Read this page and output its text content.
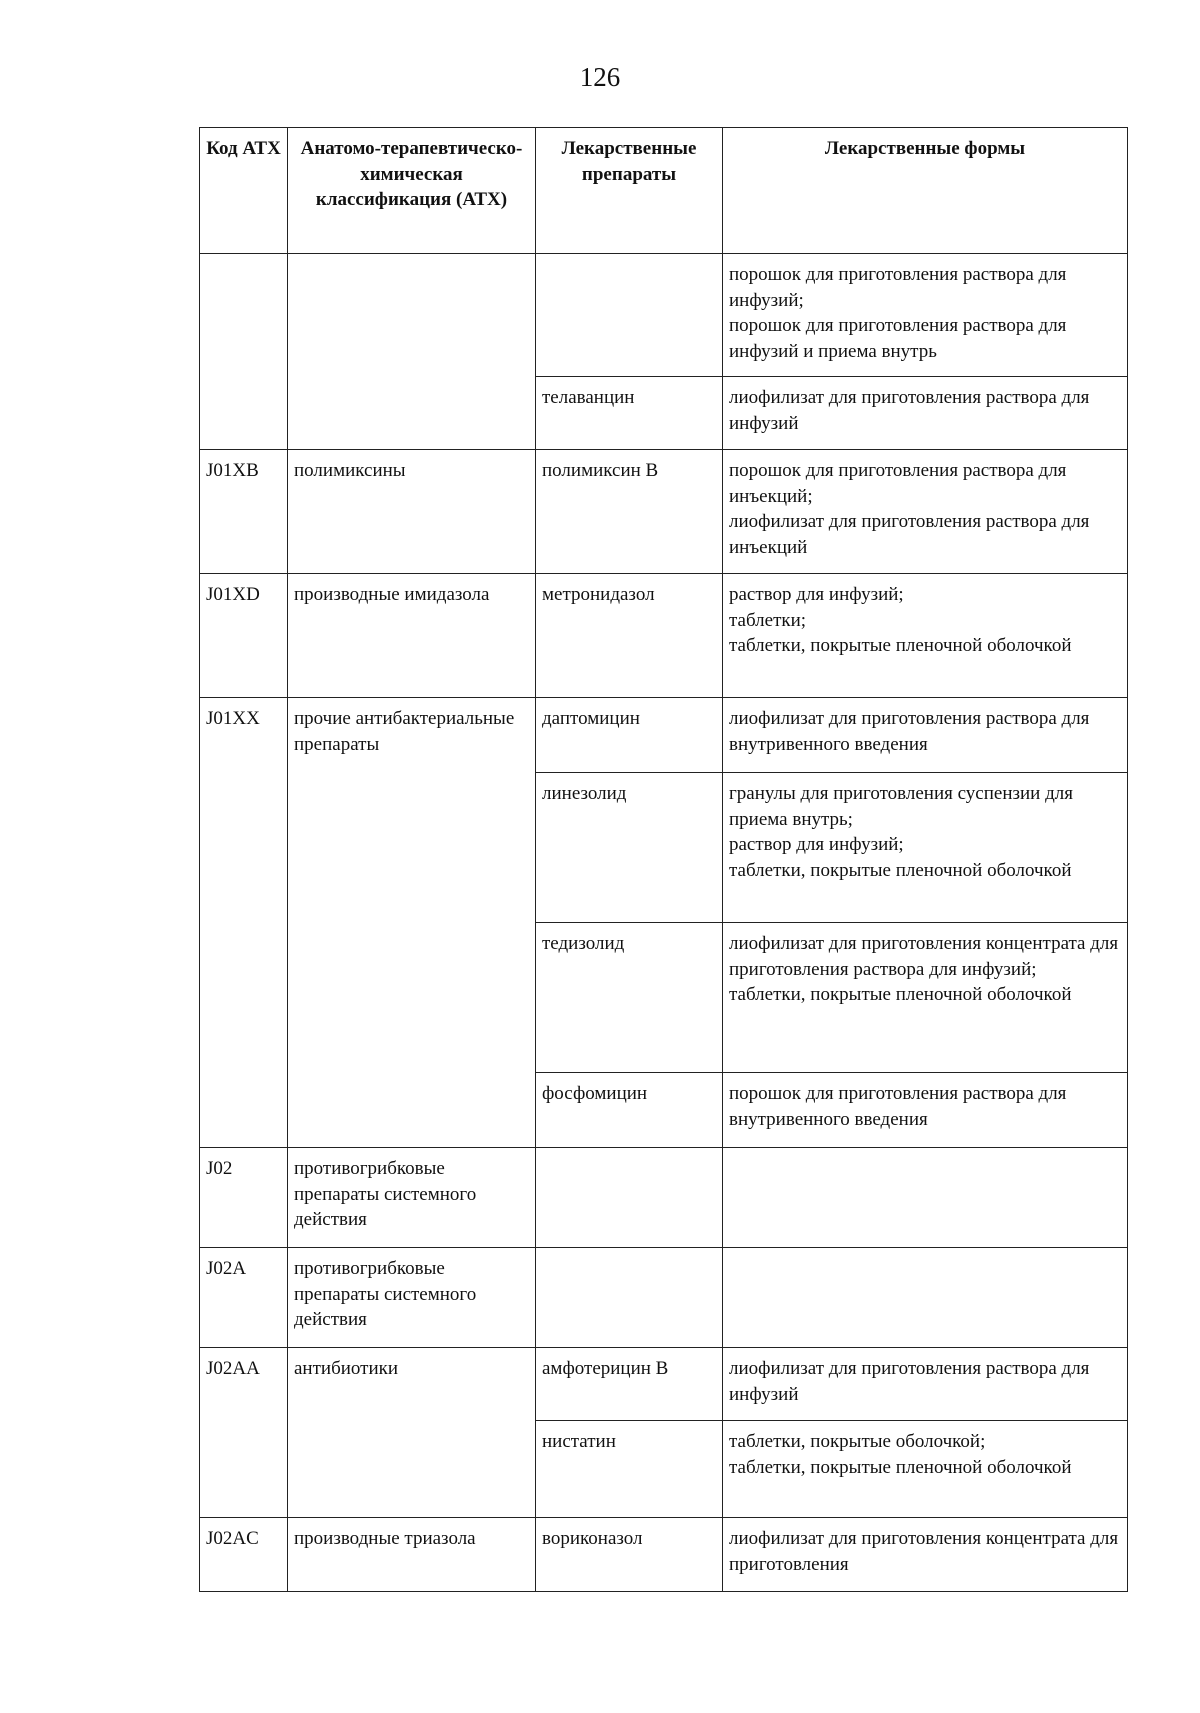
126
Код АТХ	Анатомо-терапевтическо-химическая классификация (АТХ)	Лекарственные препараты	Лекарственные формы

			порошок для приготовления раствора для инфузий;
порошок для приготовления раствора для инфузий и приема внутрь

		телаванцин	лиофилизат для приготовления раствора для инфузий

J01XB	полимиксины	полимиксин В	порошок для приготовления раствора для инъекций;
лиофилизат для приготовления раствора для инъекций

J01XD	производные имидазола	метронидазол	раствор для инфузий;
таблетки;
таблетки, покрытые пленочной оболочкой

J01XX	прочие антибактериальные препараты	даптомицин	лиофилизат для приготовления раствора для внутривенного введения

		линезолид	гранулы для приготовления суспензии для приема внутрь;
раствор для инфузий;
таблетки, покрытые пленочной оболочкой

		тедизолид	лиофилизат для приготовления концентрата для приготовления раствора для инфузий;
таблетки, покрытые пленочной оболочкой

		фосфомицин	порошок для приготовления раствора для внутривенного введения

J02	противогрибковые препараты системного действия		
J02A	противогрибковые препараты системного действия		
J02AA	антибиотики	амфотерицин В	лиофилизат для приготовления раствора для инфузий

		нистатин	таблетки, покрытые оболочкой;
таблетки, покрытые пленочной оболочкой

J02AC	производные триазола	вориконазол	лиофилизат для приготовления концентрата для приготовления
